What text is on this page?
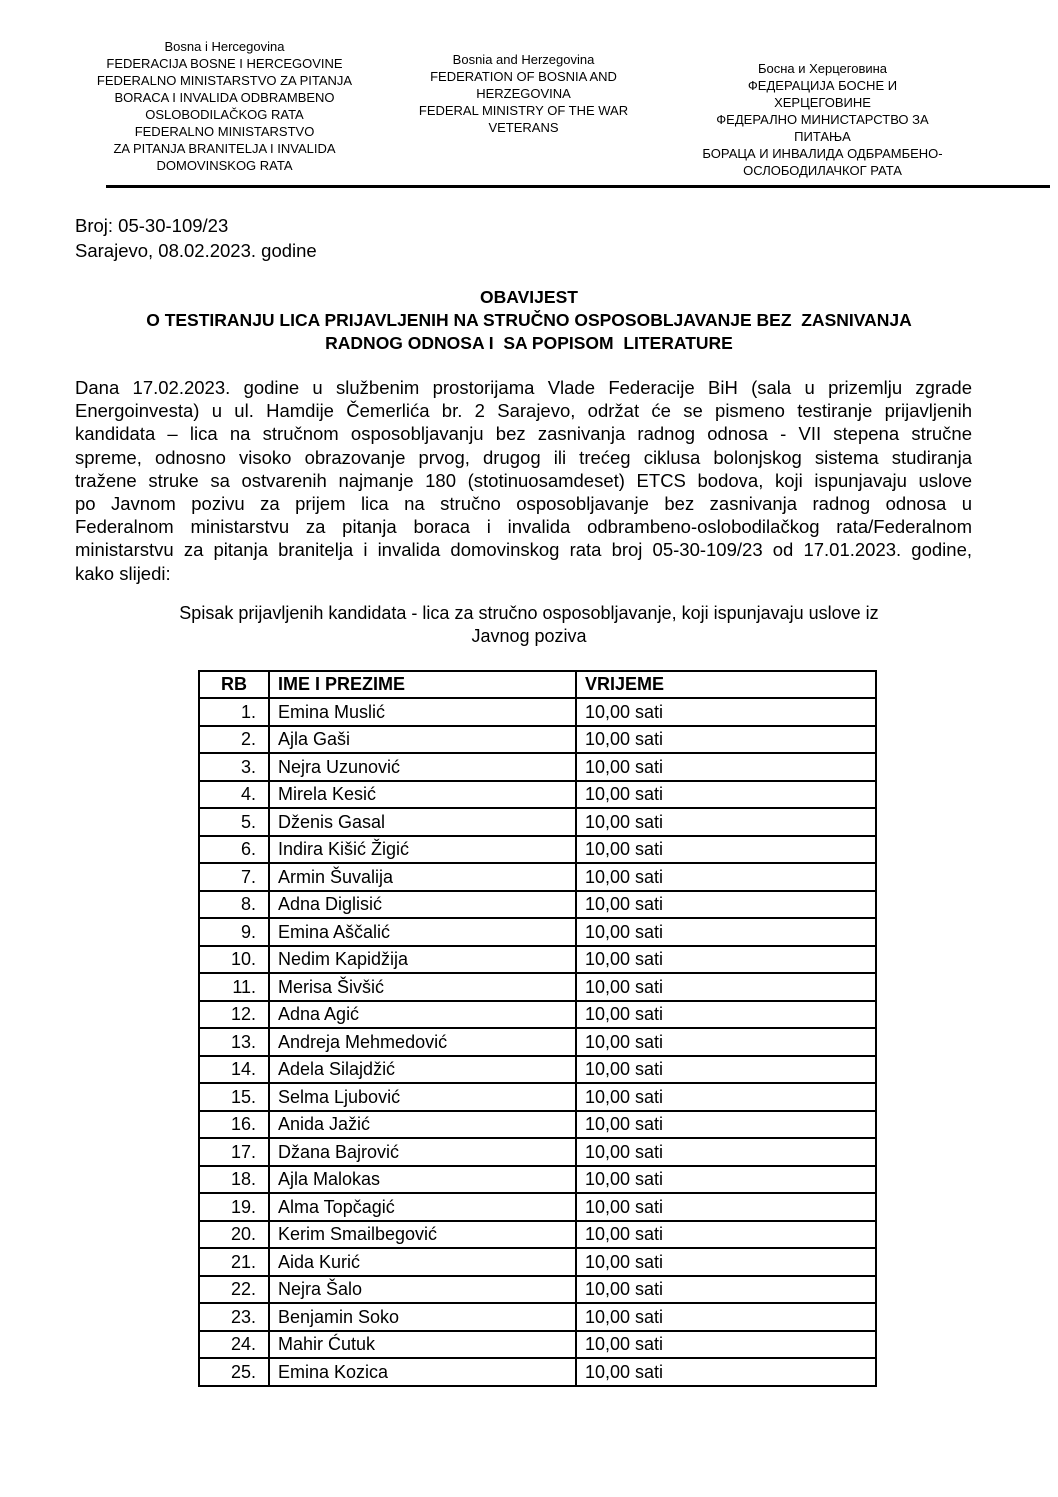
Bosna i Hercegovina
FEDERACIJA BOSNE I HERCEGOVINE
FEDERALNO MINISTARSTVO ZA PITANJA
BORACA I INVALIDA ODBRAMBENO
OSLOBODILAČKOG RATA
FEDERALNO MINISTARSTVO
ZA PITANJA BRANITELJA I INVALIDA
DOMOVINSKOG RATA
Bosnia and Herzegovina
FEDERATION OF BOSNIA AND
HERZEGOVINA
FEDERAL MINISTRY OF THE WAR
VETERANS
Босна и Херцеговина
ФЕДЕРАЦИЈА БОСНЕ И
ХЕРЦЕГОВИНЕ
ФЕДЕРАЛНО МИНИСТАРСТВО ЗА
ПИТАЊА
БОРАЦА И ИНВАЛИДА ОДБРАМБЕНО-
ОСЛОБОДИЛАЧКОГ РАТА
Broj: 05-30-109/23
Sarajevo, 08.02.2023. godine
OBAVIJEST
O TESTIRANJU LICA PRIJAVLJENIH NA STRUČNO OSPOSOBLJAVANJE BEZ  ZASNIVANJA
RADNOG ODNOSA I  SA POPISOM  LITERATURE
Dana 17.02.2023. godine u službenim prostorijama Vlade Federacije BiH (sala u prizemlju zgrade
Energoinvesta) u ul. Hamdije Čemerlića br. 2 Sarajevo, održat će se pismeno testiranje prijavljenih
kandidata – lica na stručnom osposobljavanju bez zasnivanja radnog odnosa - VII stepena stručne
spreme, odnosno visoko obrazovanje prvog, drugog ili trećeg ciklusa bolonjskog sistema studiranja
tražene struke sa ostvarenih najmanje 180 (stotinuosamdeset) ETCS bodova, koji ispunjavaju uslove
po Javnom pozivu za prijem lica na stručno osposobljavanje bez zasnivanja radnog odnosa u
Federalnom ministarstvu za pitanja boraca i invalida odbrambeno-oslobodilačkog rata/Federalnom
ministarstvu za pitanja branitelja i invalida domovinskog rata broj 05-30-109/23 od 17.01.2023. godine,
kako slijedi:
Spisak prijavljenih kandidata - lica za stručno osposobljavanje, koji ispunjavaju uslove iz
Javnog poziva
RB	IME I PREZIME	VRIJEME
1.	Emina Muslić	10,00 sati
2.	Ajla Gaši	10,00 sati
3.	Nejra Uzunović	10,00 sati
4.	Mirela Kesić	10,00 sati
5.	Dženis Gasal	10,00 sati
6.	Indira Kišić Žigić	10,00 sati
7.	Armin Šuvalija	10,00 sati
8.	Adna Diglisić	10,00 sati
9.	Emina Aščalić	10,00 sati
10.	Nedim Kapidžija	10,00 sati
11.	Merisa Šivšić	10,00 sati
12.	Adna Agić	10,00 sati
13.	Andreja Mehmedović	10,00 sati
14.	Adela Silajdžić	10,00 sati
15.	Selma Ljubović	10,00 sati
16.	Anida Jažić	10,00 sati
17.	Džana Bajrović	10,00 sati
18.	Ajla Malokas	10,00 sati
19.	Alma Topčagić	10,00 sati
20.	Kerim Smailbegović	10,00 sati
21.	Aida Kurić	10,00 sati
22.	Nejra Šalo	10,00 sati
23.	Benjamin Soko	10,00 sati
24.	Mahir Ćutuk	10,00 sati
25.	Emina Kozica	10,00 sati
